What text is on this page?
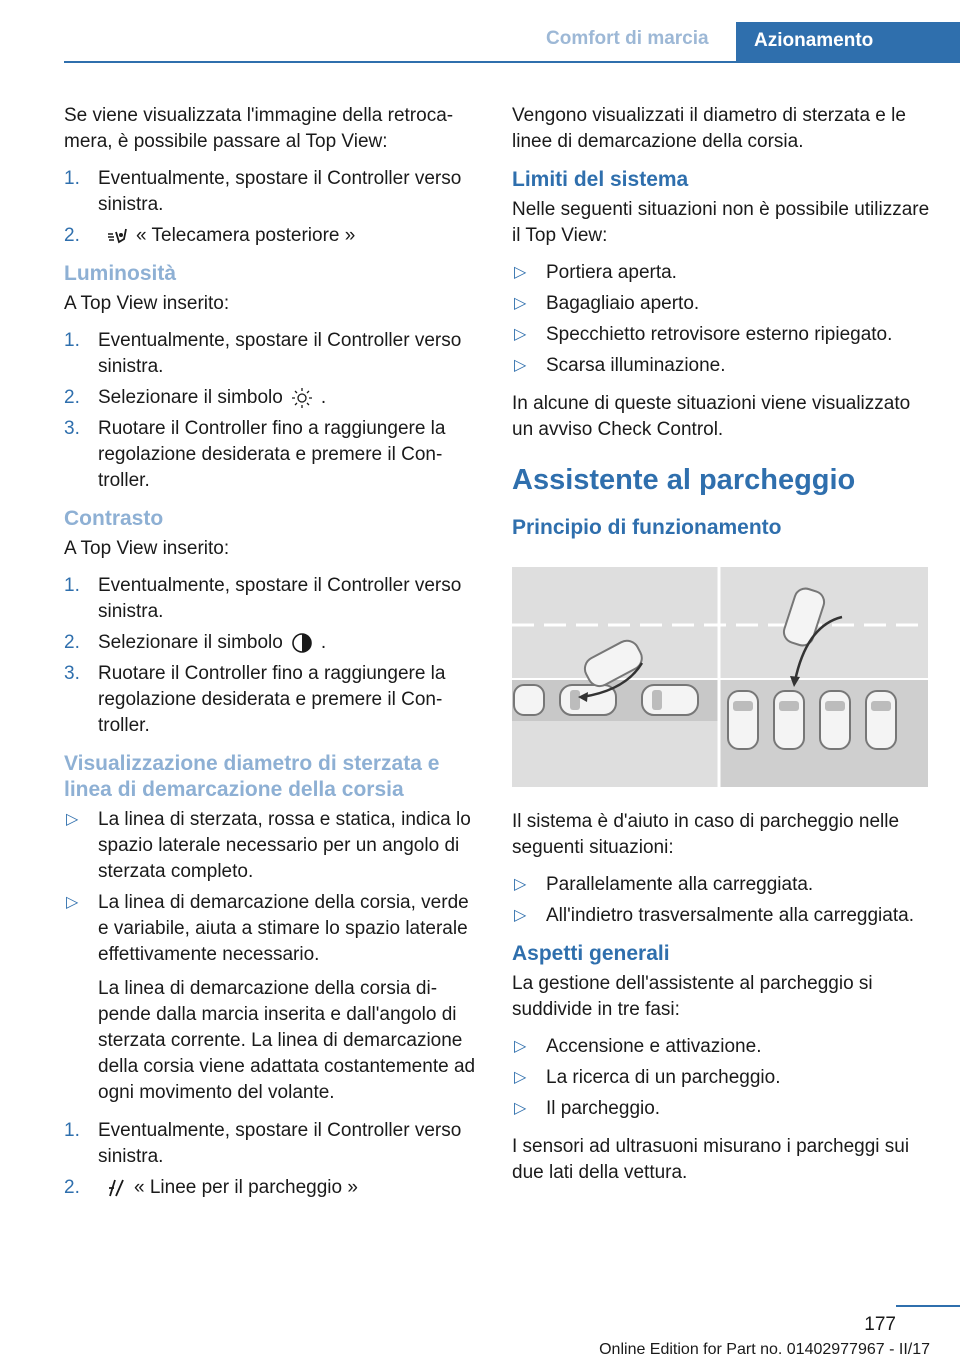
Comfort di marcia Azionamento

Se viene visualizzata l'immagine della retrocamera, è possibile passare al Top View:

1. Eventualmente, spostare il Controller verso sinistra.
2.	« Telecamera posteriore »
Luminosità

A Top View inserito:

1. Eventualmente, spostare il Controller verso sinistra.
2. Selezionare il simbolo .
3. Ruotare il Controller fino a raggiungere la regolazione desiderata e premere il Controller.
Contrasto

A Top View inserito:

1. Eventualmente, spostare il Controller verso sinistra.
2. Selezionare il simbolo .
3. Ruotare il Controller fino a raggiungere la regolazione desiderata e premere il Controller.
Visualizzazione diametro di sterzata e linea di demarcazione della corsia
▷ La linea di sterzata, rossa e statica, indica lo spazio laterale necessario per un angolo di sterzata completo.
▷ La linea di demarcazione della corsia, verde e variabile, aiuta a stimare lo spazio laterale effettivamente necessario.
La linea di demarcazione della corsia dipende dalla marcia inserita e dall'angolo di sterzata corrente. La linea di demarcazione della corsia viene adattata costantemente ad ogni movimento del volante.
1. Eventualmente, spostare il Controller verso sinistra.
2.	« Linee per il parcheggio »

Vengono visualizzati il diametro di sterzata e le linee di demarcazione della corsia.

Limiti del sistema

Nelle seguenti situazioni non è possibile utilizzare il Top View:

▷ Portiera aperta.
▷ Bagagliaio aperto.
▷ Specchietto retrovisore esterno ripiegato.
▷ Scarsa illuminazione.

In alcune di queste situazioni viene visualizzato un avviso Check Control.

Assistente al parcheggio
Principio di funzionamento

Il sistema è d'aiuto in caso di parcheggio nelle seguenti situazioni:

▷ Parallelamente alla carreggiata.
▷ All'indietro trasversalmente alla carreggiata.
Aspetti generali

La gestione dell'assistente al parcheggio si suddivide in tre fasi:

▷ Accensione e attivazione.
▷ La ricerca di un parcheggio.
▷ Il parcheggio.

I sensori ad ultrasuoni misurano i parcheggi sui due lati della vettura.

177
Online Edition for Part no. 01402977967 - II/17
